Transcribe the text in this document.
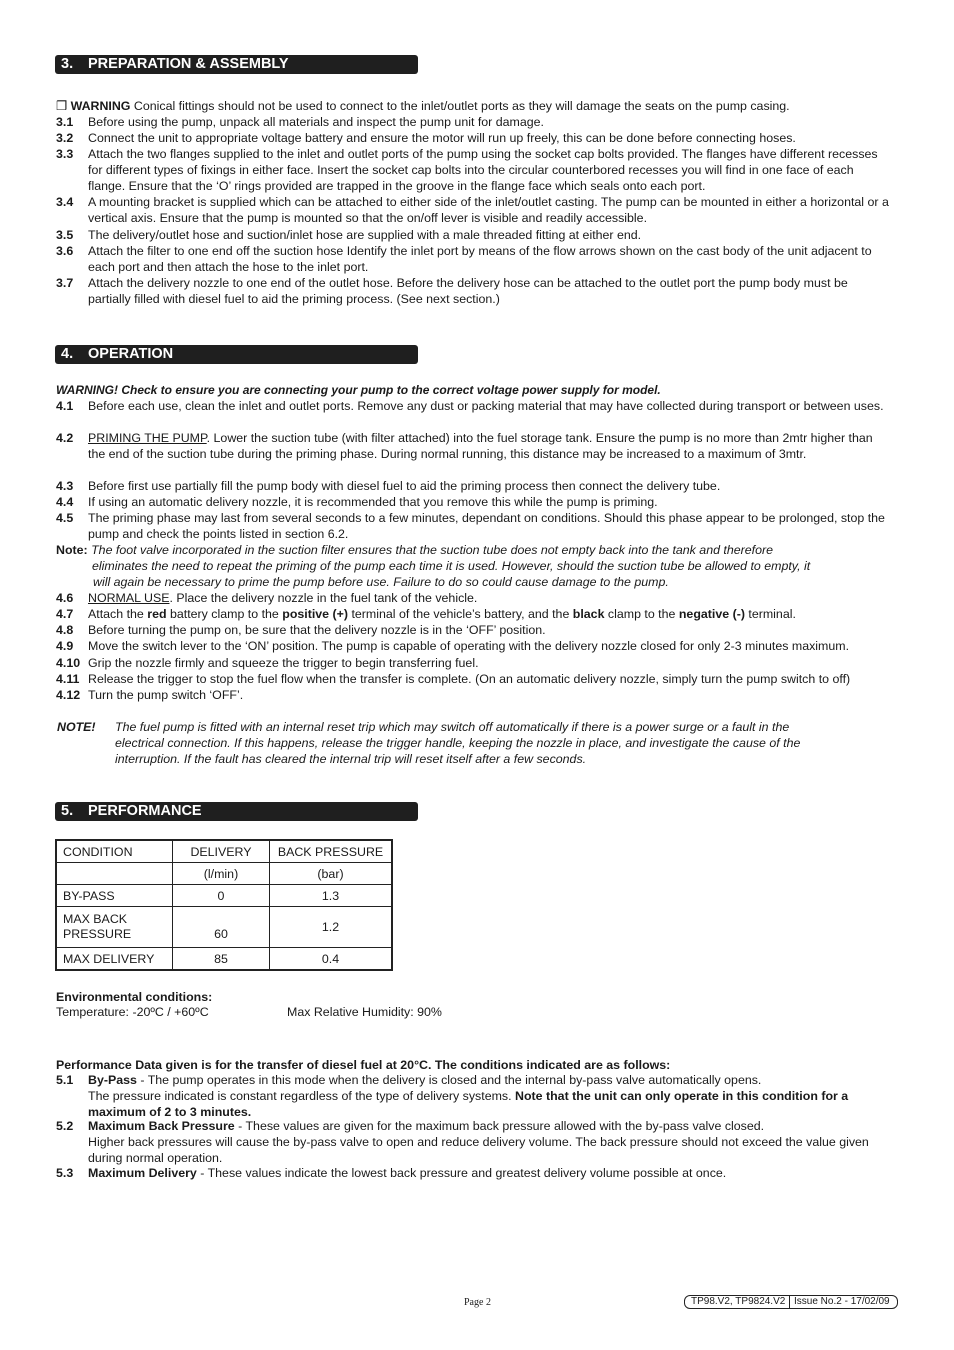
3. PREPARATION & ASSEMBLY
❒ WARNING Conical fittings should not be used to connect to the inlet/outlet ports as they will damage the seats on the pump casing.
3.1 Before using the pump, unpack all materials and inspect the pump unit for damage.
3.2 Connect the unit to appropriate voltage battery and ensure the motor will run up freely, this can be done before connecting hoses.
3.3 Attach the two flanges supplied to the inlet and outlet ports of the pump using the socket cap bolts provided. The flanges have different recesses for different types of fixings in either face. Insert the socket cap bolts into the circular counterbored recesses you will find in one face of each flange. Ensure that the ‘O’ rings provided are trapped in the groove in the flange face which seals onto each port.
3.4 A mounting bracket is supplied which can be attached to either side of the inlet/outlet casting. The pump can be mounted in either a horizontal or a vertical axis. Ensure that the pump is mounted so that the on/off lever is visible and readily accessible.
3.5 The delivery/outlet hose and suction/inlet hose are supplied with a male threaded fitting at either end.
3.6 Attach the filter to one end off the suction hose Identify the inlet port by means of the flow arrows shown on the cast body of the unit adjacent to each port and then attach the hose to the inlet port.
3.7 Attach the delivery nozzle to one end of the outlet hose. Before the delivery hose can be attached to the outlet port the pump body must be partially filled with diesel fuel to aid the priming process. (See next section.)
4. OPERATION
WARNING! Check to ensure you are connecting your pump to the correct voltage power supply for model.
4.1 Before each use, clean the inlet and outlet ports. Remove any dust or packing material that may have collected during transport or between uses.
4.2 PRIMING THE PUMP. Lower the suction tube (with filter attached) into the fuel storage tank. Ensure the pump is no more than 2mtr higher than the end of the suction tube during the priming phase. During normal running, this distance may be increased to a maximum of 3mtr.
4.3 Before first use partially fill the pump body with diesel fuel to aid the priming process then connect the delivery tube.
4.4 If using an automatic delivery nozzle, it is recommended that you remove this while the pump is priming.
4.5 The priming phase may last from several seconds to a few minutes, dependant on conditions. Should this phase appear to be prolonged, stop the pump and check the points listed in section 6.2.
Note: The foot valve incorporated in the suction filter ensures that the suction tube does not empty back into the tank and therefore
eliminates the need to repeat the priming of the pump each time it is used. However, should the suction tube be allowed to empty, it
will again be necessary to prime the pump before use. Failure to do so could cause damage to the pump.
4.6 NORMAL USE. Place the delivery nozzle in the fuel tank of the vehicle.
4.7 Attach the red battery clamp to the positive (+) terminal of the vehicle’s battery, and the black clamp to the negative (-) terminal.
4.8 Before turning the pump on, be sure that the delivery nozzle is in the ‘OFF’ position.
4.9 Move the switch lever to the ‘ON’ position. The pump is capable of operating with the delivery nozzle closed for only 2-3 minutes maximum.
4.10 Grip the nozzle firmly and squeeze the trigger to begin transferring fuel.
4.11 Release the trigger to stop the fuel flow when the transfer is complete. (On an automatic delivery nozzle, simply turn the pump switch to off)
4.12 Turn the pump switch ‘OFF’.
NOTE! The fuel pump is fitted with an internal reset trip which may switch off automatically if there is a power surge or a fault in the
electrical connection. If this happens, release the trigger handle, keeping the nozzle in place, and investigate the cause of the
interruption. If the fault has cleared the internal trip will reset itself after a few seconds.
5. PERFORMANCE
CONDITION	DELIVERY	BACK PRESSURE
	(l/min)	(bar)
BY-PASS	0	1.3
MAX BACK PRESSURE	60	1.2
MAX DELIVERY	85	0.4
Environmental conditions:
Temperature: -20ºC / +60ºC	Max Relative Humidity: 90%
Performance Data given is for the transfer of diesel fuel at 20°C. The conditions indicated are as follows:
5.1 By-Pass - The pump operates in this mode when the delivery is closed and the internal by-pass valve automatically opens.
The pressure indicated is constant regardless of the type of delivery systems. Note that the unit can only operate in this condition for a maximum of 2 to 3 minutes.
5.2 Maximum Back Pressure - These values are given for the maximum back pressure allowed with the by-pass valve closed.
Higher back pressures will cause the by-pass valve to open and reduce delivery volume. The back pressure should not exceed the value given during normal operation.
5.3 Maximum Delivery - These values indicate the lowest back pressure and greatest delivery volume possible at once.
Page 2	TP98.V2, TP9824.V2 Issue No.2 - 17/02/09
